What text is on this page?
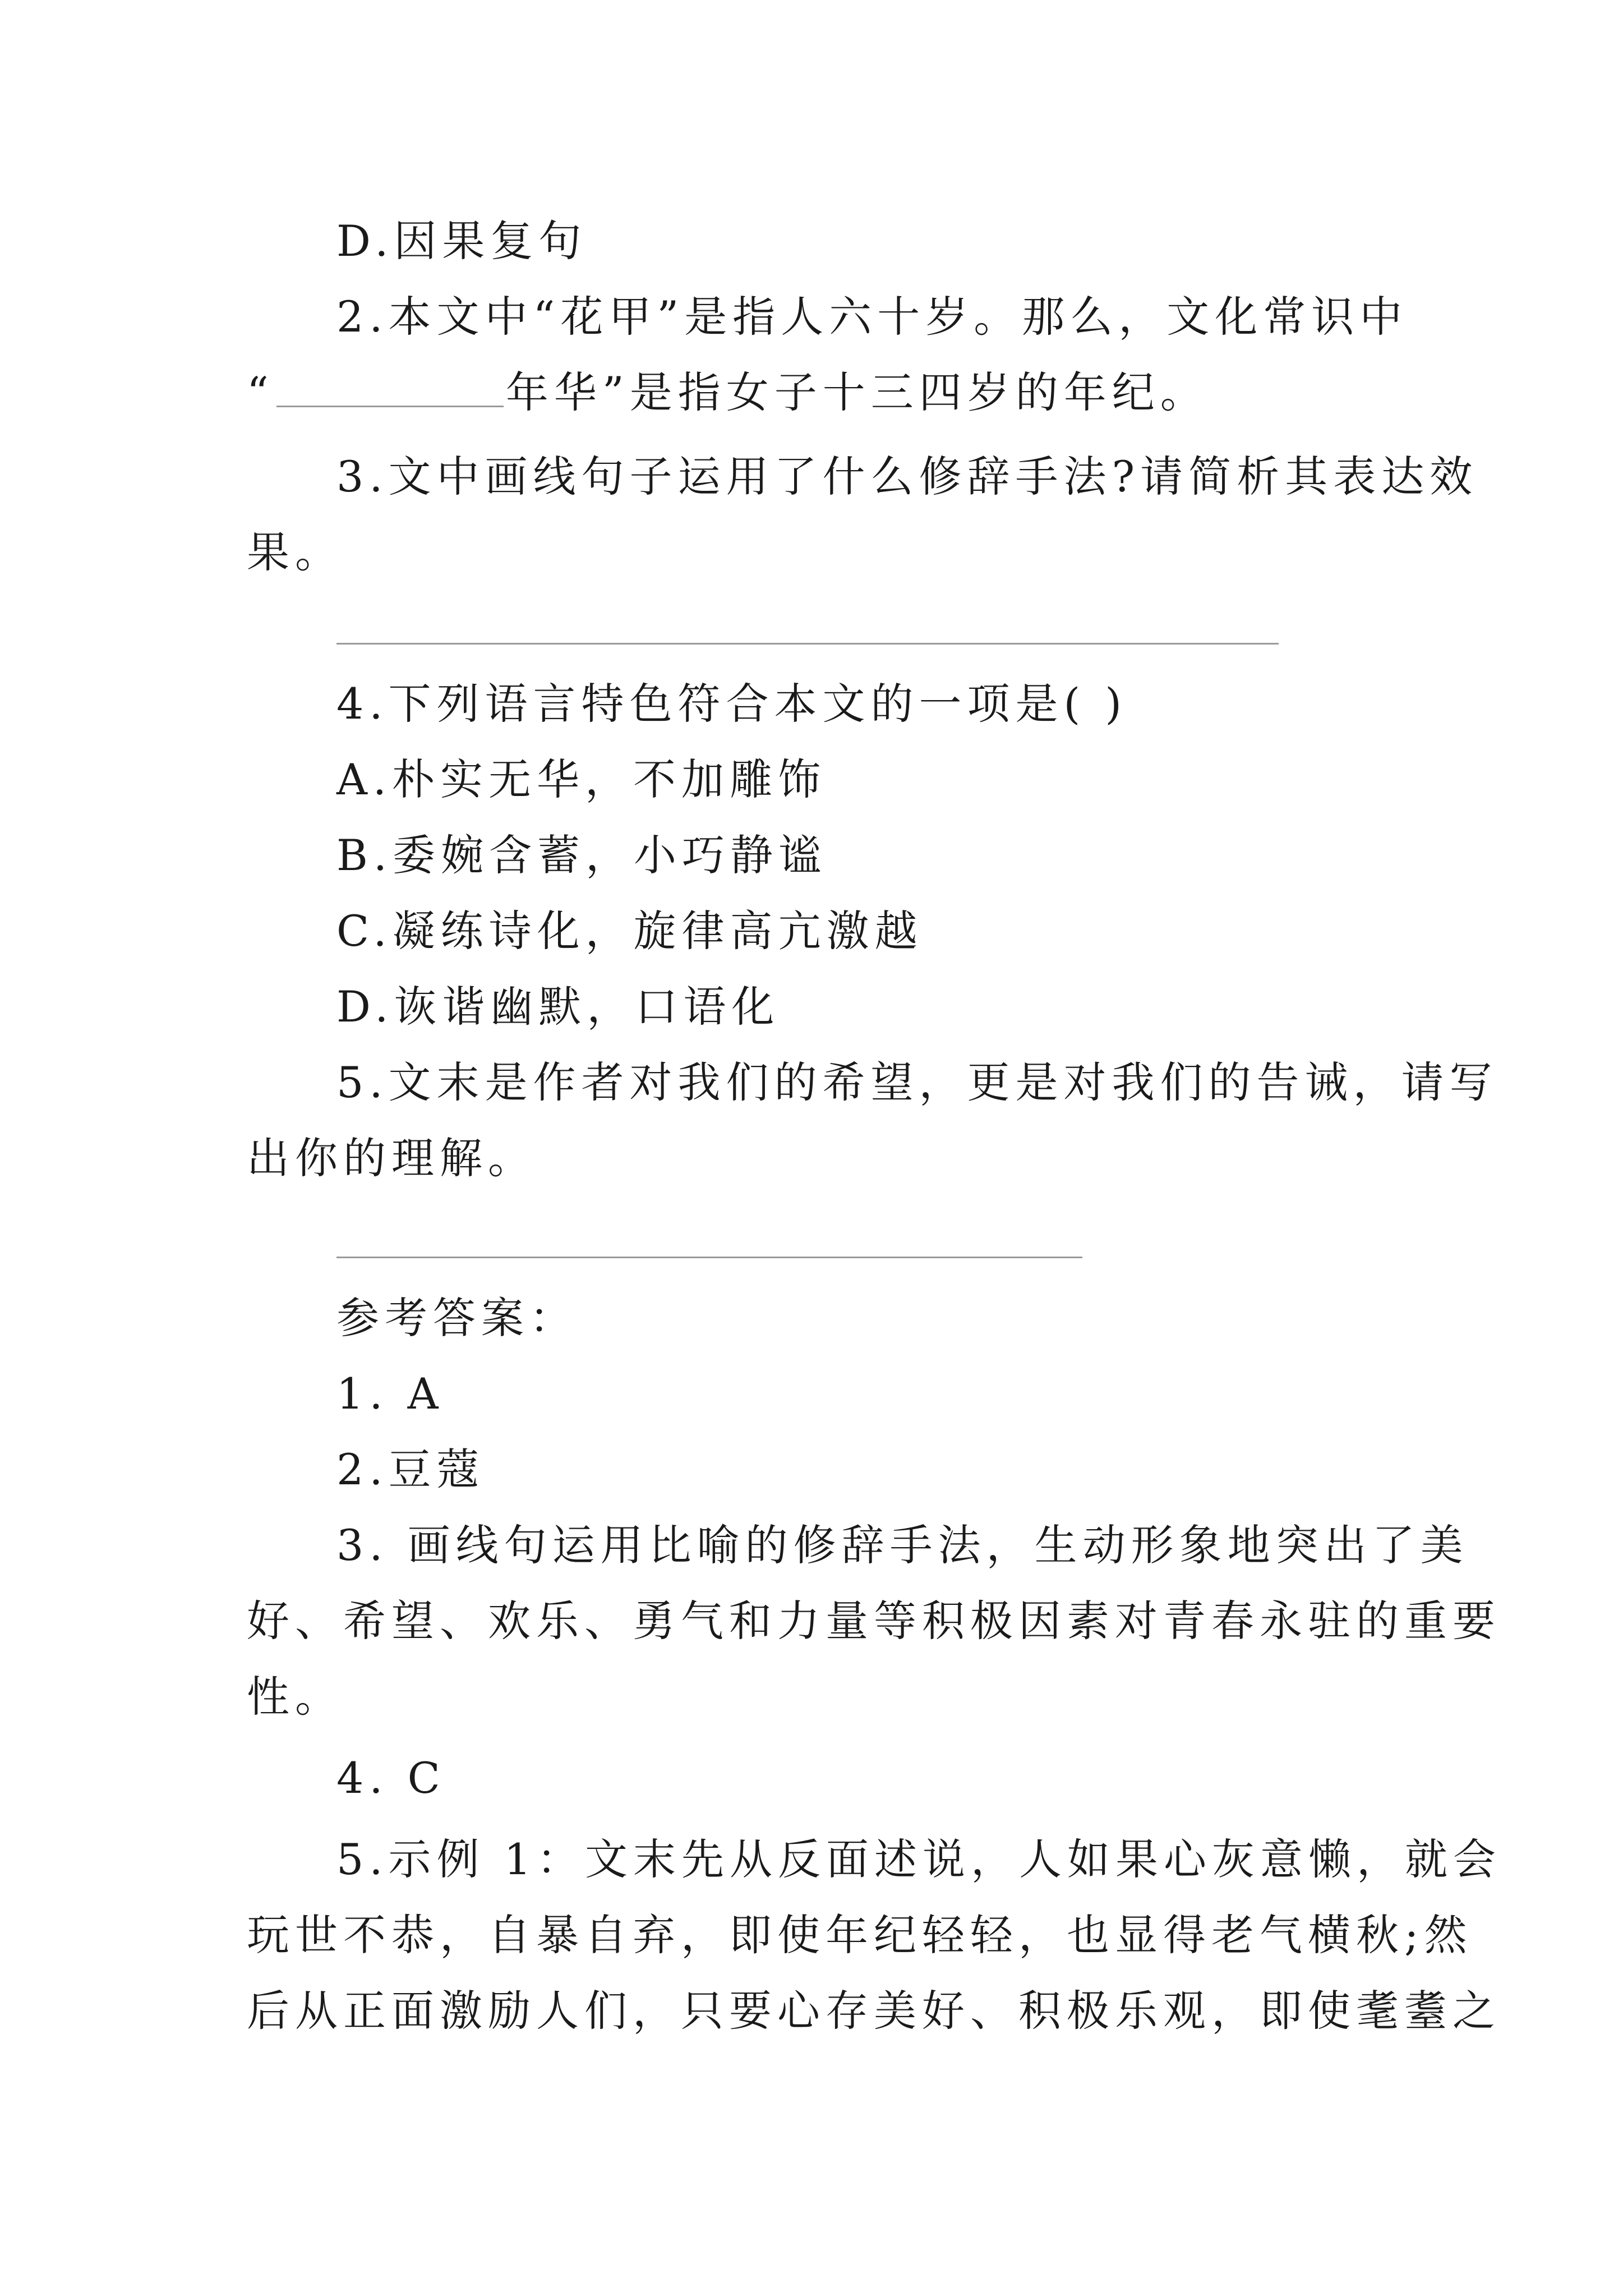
D.因果复句
2.本文中“花甲”是指人六十岁。那么，文化常识中
“	年华”是指女子十三四岁的年纪。
3.文中画线句子运用了什么修辞手法?请简析其表达效
果。
4.下列语言特色符合本文的一项是( )
A.朴实无华，不加雕饰
B.委婉含蓄，小巧静谧
C.凝练诗化，旋律高亢激越
D.诙谐幽默，口语化
5.文末是作者对我们的希望，更是对我们的告诫，请写
出你的理解。
参考答案：
1. A
2.豆蔻
3. 画线句运用比喻的修辞手法，生动形象地突出了美
好、希望、欢乐、勇气和力量等积极因素对青春永驻的重要
性。
4. C
5.示例 1：文末先从反面述说，人如果心灰意懒，就会
玩世不恭，自暴自弃，即使年纪轻轻，也显得老气横秋;然
后从正面激励人们，只要心存美好、积极乐观，即使耄耋之
